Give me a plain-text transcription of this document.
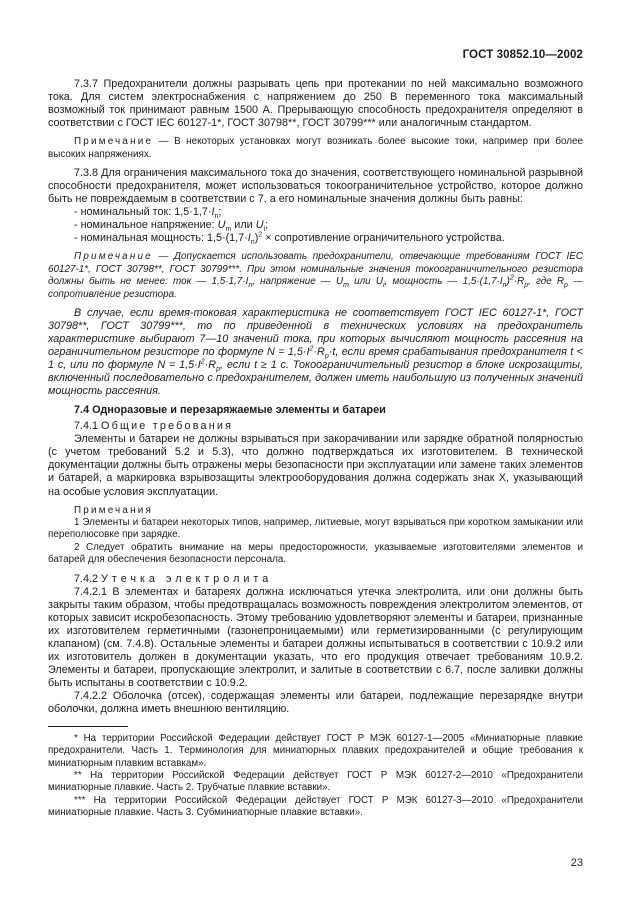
ГОСТ 30852.10—2002

7.3.7 Предохранители должны разрывать цепь при протекании по ней максимально возможного тока. Для систем электроснабжения с напряжением до 250 В переменного тока максимальный возможный ток принимают равным 1500 А. Прерывающую способность предохранителя определяют в соответствии с ГОСТ IEC 60127-1*, ГОСТ 30798**, ГОСТ 30799*** или аналогичным стандартом.

Примечание — В некоторых установках могут возникать более высокие токи, например при более высоких напряжениях.

7.3.8 Для ограничения максимального тока до значения, соответствующего номинальной разрывной способности предохранителя, может использоваться токоограничительное устройство, которое должно быть не повреждаемым в соответствии с 7, а его номинальные значения должны быть равны:

- номинальный ток: $1,5\cdot 1,7\cdot I_n$;

- номинальное напряжение: $U_m$ или $U_i$;

- номинальная мощность: $1,5\cdot(1,7\cdot I_n)^2$ × сопротивление ограничительного устройства.

Примечание — Допускается использовать предохранители, отвечающие требованиям ГОСТ IEC 60127-1*, ГОСТ 30798**, ГОСТ 30799***. При этом номинальные значения токоограничительного резистора должны быть не менее: ток — $1,5\cdot 1,7\cdot I_n$, напряжение — $U_m$ или $U_i$, мощность — $1,5\cdot(1,7\cdot I_n)^2\cdot R_p$, где $R_p$ — сопротивление резистора.

В случае, если время-токовая характеристика не соответствует ГОСТ IEC 60127-1*, ГОСТ 30798**, ГОСТ 30799***, то по приведенной в технических условиях на предохранитель характеристике выбирают 7—10 значений тока, при которых вычисляют мощность рассеяния на ограничительном резисторе по формуле $N = 1,5\cdot I^2\cdot R_p\cdot t$, если время срабатывания предохранителя t < 1 с, или по формуле $N = 1,5\cdot I^2\cdot R_p$, если t ≥ 1 с. Токоограничительный резистор в блоке искрозащиты, включенный последовательно с предохранителем, должен иметь наибольшую из полученных значений мощность рассеяния.

7.4 Одноразовые и перезаряжаемые элементы и батареи

7.4.1 Общие требования

Элементы и батареи не должны взрываться при закорачивании или зарядке обратной полярностью (с учетом требований 5.2 и 5.3), что должно подтверждаться их изготовителем. В технической документации должны быть отражены меры безопасности при эксплуатации или замене таких элементов и батарей, а маркировка взрывозащиты электрооборудования должна содержать знак X, указывающий на особые условия эксплуатации.

Примечания

1 Элементы и батареи некоторых типов, например, литиевые, могут взрываться при коротком замыкании или переполюсовке при зарядке.

2 Следует обратить внимание на меры предосторожности, указываемые изготовителями элементов и батарей для обеспечения безопасности персонала.

7.4.2 Утечка электролита

7.4.2.1 В элементах и батареях должна исключаться утечка электролита, или они должны быть закрыты таким образом, чтобы предотвращалась возможность повреждения электролитом элементов, от которых зависит искробезопасность. Этому требованию удовлетворяют элементы и батареи, признанные их изготовителем герметичными (газонепроницаемыми) или герметизированными (с регулирующим клапаном) (см. 7.4.8). Остальные элементы и батареи должны испытываться в соответствии с 10.9.2 или их изготовитель должен в документации указать, что его продукция отвечает требованиям 10.9.2. Элементы и батареи, пропускающие электролит, и залитые в соответствии с 6.7, после заливки должны быть испытаны в соответствии с 10.9.2.

7.4.2.2 Оболочка (отсек), содержащая элементы или батареи, подлежащие перезарядке внутри оболочки, должна иметь внешнюю вентиляцию.

* На территории Российской Федерации действует ГОСТ Р МЭК 60127-1—2005 «Миниатюрные плавкие предохранители. Часть 1. Терминология для миниатюрных плавких предохранителей и общие требования к миниатюрным плавким вставкам».

** На территории Российской Федерации действует ГОСТ Р МЭК 60127-2—2010 «Предохранители миниатюрные плавкие. Часть 2. Трубчатые плавкие вставки».

*** На территории Российской Федерации действует ГОСТ Р МЭК 60127-3—2010 «Предохранители миниатюрные плавкие. Часть 3. Субминиатюрные плавкие вставки».

23
